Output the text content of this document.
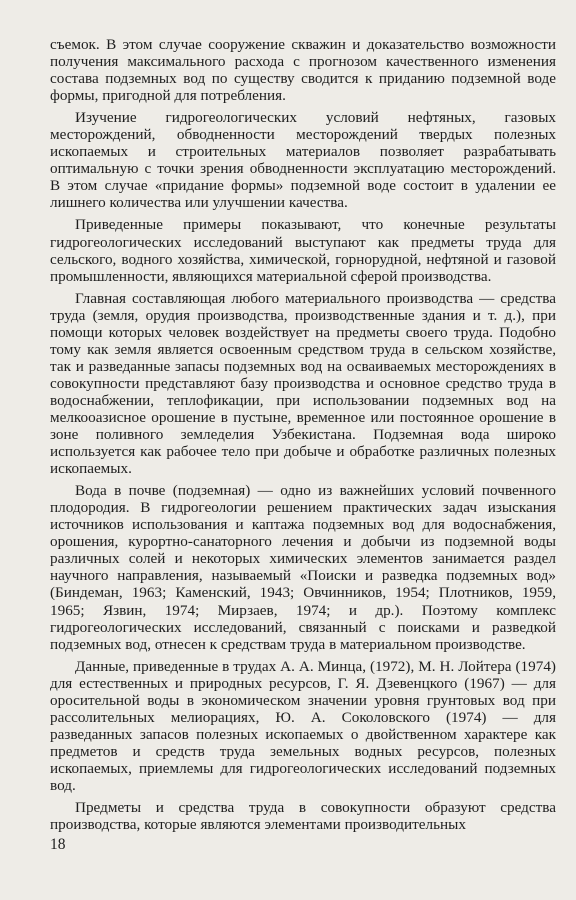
съемок. В этом случае сооружение скважин и доказательство возможности получения максимального расхода с прогнозом качественного изменения состава подземных вод по существу сводится к приданию подземной воде формы, пригодной для потребления.

Изучение гидрогеологических условий нефтяных, газовых месторождений, обводненности месторождений твердых полезных ископаемых и строительных материалов позволяет разрабатывать оптимальную с точки зрения обводненности эксплуатацию месторождений. В этом случае «придание формы» подземной воде состоит в удалении ее лишнего количества или улучшении качества.

Приведенные примеры показывают, что конечные результаты гидрогеологических исследований выступают как предметы труда для сельского, водного хозяйства, химической, горнорудной, нефтяной и газовой промышленности, являющихся материальной сферой производства.

Главная составляющая любого материального производства — средства труда (земля, орудия производства, производственные здания и т. д.), при помощи которых человек воздействует на предметы своего труда. Подобно тому как земля является освоенным средством труда в сельском хозяйстве, так и разведанные запасы подземных вод на осваиваемых месторождениях в совокупности представляют базу производства и основное средство труда в водоснабжении, теплофикации, при использовании подземных вод на мелкооазисное орошение в пустыне, временное или постоянное орошение в зоне поливного земледелия Узбекистана. Подземная вода широко используется как рабочее тело при добыче и обработке различных полезных ископаемых.

Вода в почве (подземная) — одно из важнейших условий почвенного плодородия. В гидрогеологии решением практических задач изыскания источников использования и каптажа подземных вод для водоснабжения, орошения, курортно-санаторного лечения и добычи из подземной воды различных солей и некоторых химических элементов занимается раздел научного направления, называемый «Поиски и разведка подземных вод» (Биндеман, 1963; Каменский, 1943; Овчинников, 1954; Плотников, 1959, 1965; Язвин, 1974; Мирзаев, 1974; и др.). Поэтому комплекс гидрогеологических исследований, связанный с поисками и разведкой подземных вод, отнесен к средствам труда в материальном производстве.

Данные, приведенные в трудах А. А. Минца, (1972), М. Н. Лойтера (1974) для естественных и природных ресурсов, Г. Я. Дзевенцкого (1967) — для оросительной воды в экономическом значении уровня грунтовых вод при рассолительных мелиорациях, Ю. А. Соколовского (1974) — для разведанных запасов полезных ископаемых о двойственном характере как предметов и средств труда земельных водных ресурсов, полезных ископаемых, приемлемы для гидрогеологических исследований подземных вод.

Предметы и средства труда в совокупности образуют средства производства, которые являются элементами производительных

18
